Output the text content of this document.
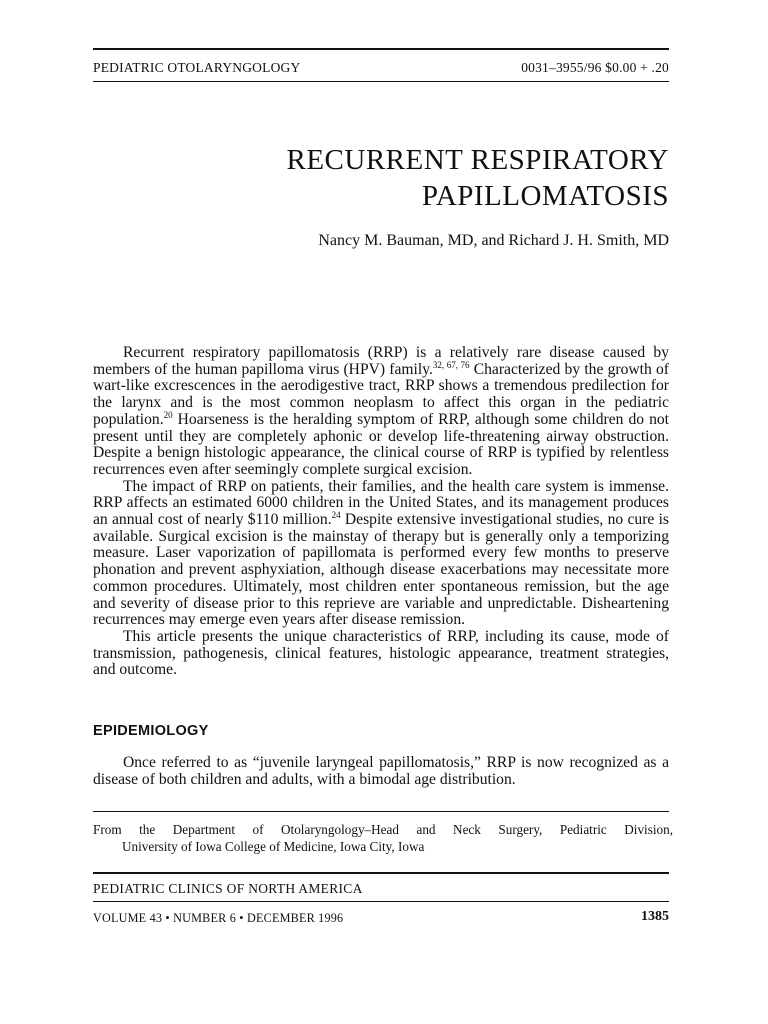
PEDIATRIC OTOLARYNGOLOGY	0031–3955/96 $0.00 + .20
RECURRENT RESPIRATORY
PAPILLOMATOSIS
Nancy M. Bauman, MD, and Richard J. H. Smith, MD

Recurrent respiratory papillomatosis (RRP) is a relatively rare disease caused by members of the human papilloma virus (HPV) family.$^{32, 67, 76}$ Characterized by the growth of wart-like excrescences in the aerodigestive tract, RRP shows a tremendous predilection for the larynx and is the most common neoplasm to affect this organ in the pediatric population.$^{20}$ Hoarseness is the heralding symptom of RRP, although some children do not present until they are completely aphonic or develop life-threatening airway obstruction. Despite a benign histologic appearance, the clinical course of RRP is typified by relentless recurrences even after seemingly complete surgical excision.

The impact of RRP on patients, their families, and the health care system is immense. RRP affects an estimated 6000 children in the United States, and its management produces an annual cost of nearly $110 million.$^{24}$ Despite extensive investigational studies, no cure is available. Surgical excision is the mainstay of therapy but is generally only a temporizing measure. Laser vaporization of papillomata is performed every few months to preserve phonation and prevent asphyxiation, although disease exacerbations may necessitate more common procedures. Ultimately, most children enter spontaneous remission, but the age and severity of disease prior to this reprieve are variable and unpredictable. Disheartening recurrences may emerge even years after disease remission.

This article presents the unique characteristics of RRP, including its cause, mode of transmission, pathogenesis, clinical features, histologic appearance, treatment strategies, and outcome.

EPIDEMIOLOGY

Once referred to as “juvenile laryngeal papillomatosis,” RRP is now recognized as a disease of both children and adults, with a bimodal age distribution.

From the Department of Otolaryngology–Head and Neck Surgery, Pediatric Division,
University of Iowa College of Medicine, Iowa City, Iowa
PEDIATRIC CLINICS OF NORTH AMERICA
VOLUME 43 • NUMBER 6 • DECEMBER 1996	1385
